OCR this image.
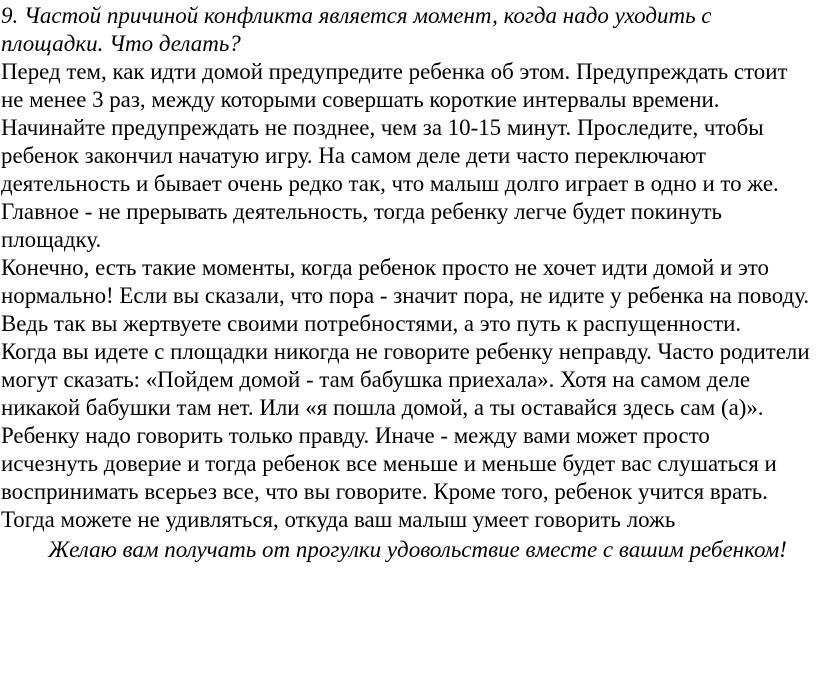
9. Частой причиной конфликта является момент, когда надо уходить с площадки. Что делать?

Перед тем, как идти домой предупредите ребенка об этом. Предупреждать стоит не менее 3 раз, между которыми совершать короткие интервалы времени. Начинайте предупреждать не позднее, чем за 10-15 минут. Проследите, чтобы ребенок закончил начатую игру. На самом деле дети часто переключают деятельность и бывает очень редко так, что малыш долго играет в одно и то же. Главное - не прерывать деятельность, тогда ребенку легче будет покинуть площадку.

Конечно, есть такие моменты, когда ребенок просто не хочет идти домой и это нормально! Если вы сказали, что пора - значит пора, не идите у ребенка на поводу. Ведь так вы жертвуете своими потребностями, а это путь к распущенности.

Когда вы идете с площадки никогда не говорите ребенку неправду. Часто родители могут сказать: «Пойдем домой - там бабушка приехала». Хотя на самом деле никакой бабушки там нет. Или «я пошла домой, а ты оставайся здесь сам (а)». Ребенку надо говорить только правду. Иначе - между вами может просто исчезнуть доверие и тогда ребенок все меньше и меньше будет вас слушаться и воспринимать всерьез все, что вы говорите. Кроме того, ребенок учится врать. Тогда можете не удивляться, откуда ваш малыш умеет говорить ложь

Желаю вам получать от прогулки удовольствие вместе с вашим ребенком!
